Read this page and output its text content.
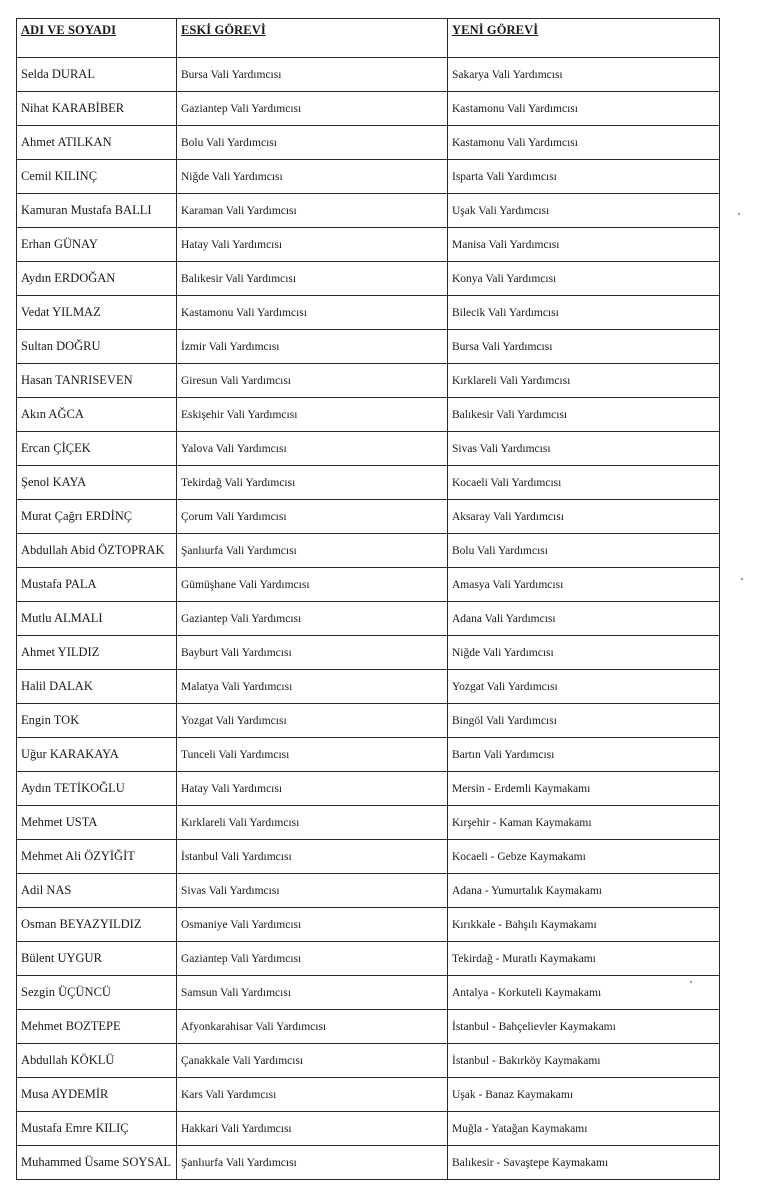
ADI VE SOYADI	ESKİ GÖREVİ	YENİ GÖREVİ
Selda DURAL	Bursa Vali Yardımcısı	Sakarya Vali Yardımcısı
Nihat KARABİBER	Gaziantep Vali Yardımcısı	Kastamonu Vali Yardımcısı
Ahmet ATILKAN	Bolu Vali Yardımcısı	Kastamonu Vali Yardımcısı
Cemil KILINÇ	Niğde Vali Yardımcısı	Isparta Vali Yardımcısı
Kamuran Mustafa BALLI	Karaman Vali Yardımcısı	Uşak Vali Yardımcısı
Erhan GÜNAY	Hatay Vali Yardımcısı	Manisa Vali Yardımcısı
Aydın ERDOĞAN	Balıkesir Vali Yardımcısı	Konya Vali Yardımcısı
Vedat YILMAZ	Kastamonu Vali Yardımcısı	Bilecik Vali Yardımcısı
Sultan DOĞRU	İzmir Vali Yardımcısı	Bursa Vali Yardımcısı
Hasan TANRISEVEN	Giresun Vali Yardımcısı	Kırklareli Vali Yardımcısı
Akın AĞCA	Eskişehir Vali Yardımcısı	Balıkesir Vali Yardımcısı
Ercan ÇİÇEK	Yalova Vali Yardımcısı	Sivas Vali Yardımcısı
Şenol KAYA	Tekirdağ Vali Yardımcısı	Kocaeli Vali Yardımcısı
Murat Çağrı ERDİNÇ	Çorum Vali Yardımcısı	Aksaray Vali Yardımcısı
Abdullah Abid ÖZTOPRAK	Şanlıurfa Vali Yardımcısı	Bolu Vali Yardımcısı
Mustafa PALA	Gümüşhane Vali Yardımcısı	Amasya Vali Yardımcısı
Mutlu ALMALI	Gaziantep Vali Yardımcısı	Adana Vali Yardımcısı
Ahmet YILDIZ	Bayburt Vali Yardımcısı	Niğde Vali Yardımcısı
Halil DALAK	Malatya Vali Yardımcısı	Yozgat Vali Yardımcısı
Engin TOK	Yozgat Vali Yardımcısı	Bingöl Vali Yardımcısı
Uğur KARAKAYA	Tunceli Vali Yardımcısı	Bartın Vali Yardımcısı
Aydın TETİKOĞLU	Hatay Vali Yardımcısı	Mersin - Erdemli Kaymakamı
Mehmet USTA	Kırklareli Vali Yardımcısı	Kırşehir - Kaman Kaymakamı
Mehmet Ali ÖZYİĞİT	İstanbul Vali Yardımcısı	Kocaeli - Gebze Kaymakamı
Adil NAS	Sivas Vali Yardımcısı	Adana - Yumurtalık Kaymakamı
Osman BEYAZYILDIZ	Osmaniye Vali Yardımcısı	Kırıkkale - Bahşılı Kaymakamı
Bülent UYGUR	Gaziantep Vali Yardımcısı	Tekirdağ - Muratlı Kaymakamı
Sezgin ÜÇÜNCÜ	Samsun Vali Yardımcısı	Antalya - Korkuteli Kaymakamı
Mehmet BOZTEPE	Afyonkarahisar Vali Yardımcısı	İstanbul - Bahçelievler Kaymakamı
Abdullah KÖKLÜ	Çanakkale Vali Yardımcısı	İstanbul - Bakırköy Kaymakamı
Musa AYDEMİR	Kars Vali Yardımcısı	Uşak - Banaz Kaymakamı
Mustafa Emre KILIÇ	Hakkari Vali Yardımcısı	Muğla - Yatağan Kaymakamı
Muhammed Üsame SOYSAL	Şanlıurfa Vali Yardımcısı	Balıkesir - Savaştepe Kaymakamı
